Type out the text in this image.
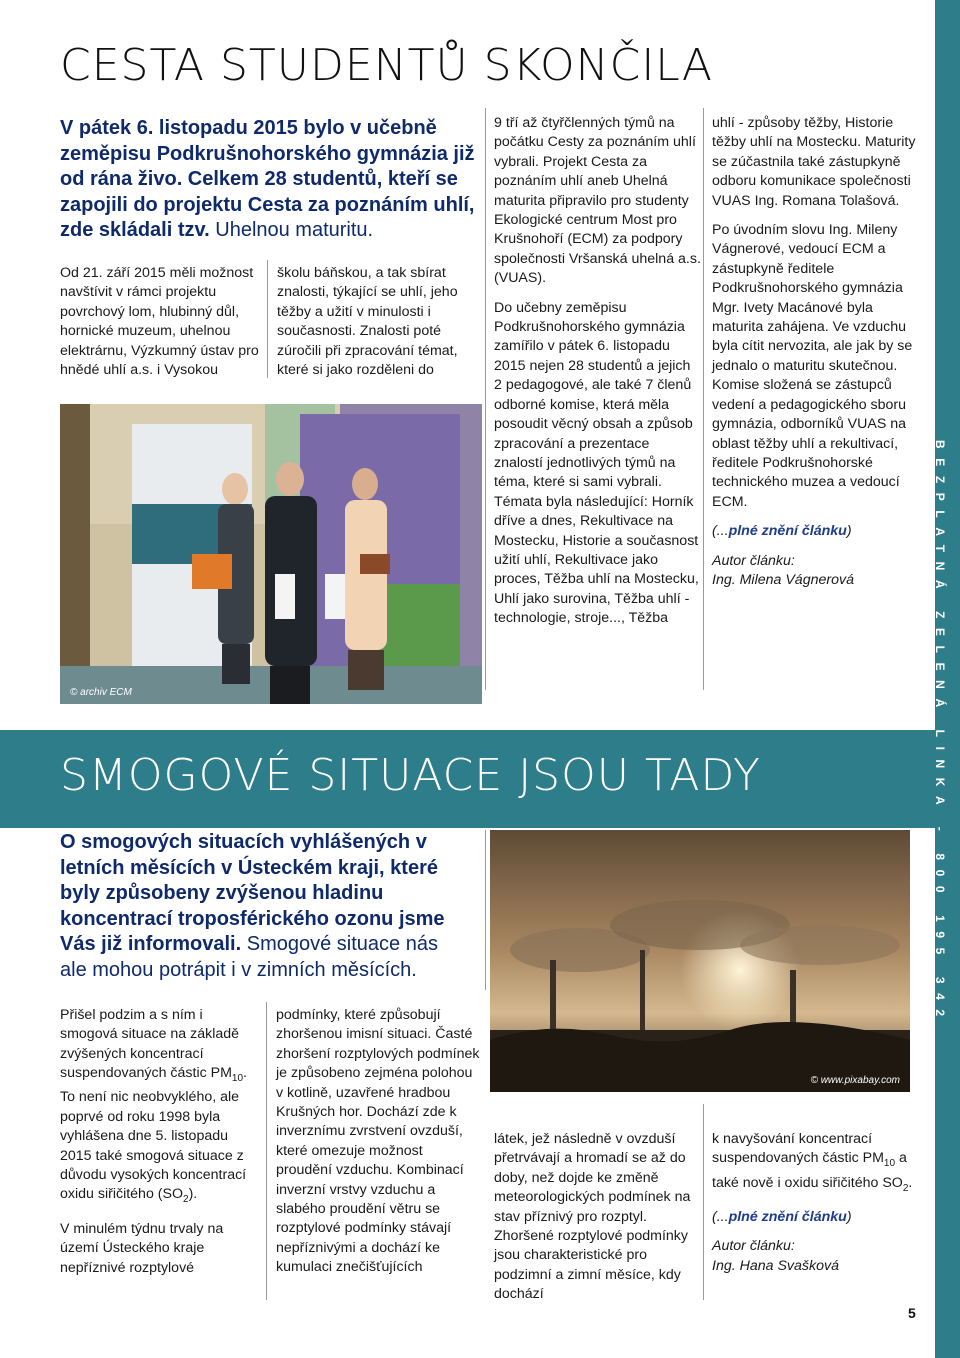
CESTA STUDENTŮ SKONČILA
V pátek 6. listopadu 2015 bylo v učebně zeměpisu Podkrušnohorského gymnázia již od rána živo. Celkem 28 studentů, kteří se zapojili do projektu Cesta za poznáním uhlí, zde skládali tzv. Uhelnou maturitu.

Od 21. září 2015 měli možnost navštívit v rámci projektu povrchový lom, hlubinný důl, hornické muzeum, uhelnou elektrárnu, Výzkumný ústav pro hnědé uhlí a.s. i Vysokou

školu báňskou, a tak sbírat znalosti, týkající se uhlí, jeho těžby a užití v minulosti i současnosti. Znalosti poté zúročili při zpracování témat, které si jako rozděleni do

© archiv ECM

9 tří až čtyřčlenných týmů na počátku Cesty za poznáním uhlí vybrali. Projekt Cesta za poznáním uhlí aneb Uhelná maturita připravilo pro studenty Ekologické centrum Most pro Krušnohoří (ECM) za podpory společnosti Vršanská uhelná a.s. (VUAS).

Do učebny zeměpisu Podkrušnohorského gymnázia zamířilo v pátek 6. listopadu 2015 nejen 28 studentů a jejich 2 pedagogové, ale také 7 členů odborné komise, která měla posoudit věcný obsah a způsob zpracování a prezentace znalostí jednotlivých týmů na téma, které si sami vybrali. Témata byla následující: Horník dříve a dnes, Rekultivace na Mostecku, Historie a současnost užití uhlí, Rekultivace jako proces, Těžba uhlí na Mostecku, Uhlí jako surovina, Těžba uhlí - technologie, stroje..., Těžba

uhlí - způsoby těžby, Historie těžby uhlí na Mostecku. Maturity se zúčastnila také zástupkyně odboru komunikace společnosti VUAS Ing. Romana Tolašová.

Po úvodním slovu Ing. Mileny Vágnerové, vedoucí ECM a zástupkyně ředitele Podkrušnohorského gymnázia Mgr. Ivety Macánové byla maturita zahájena. Ve vzduchu byla cítit nervozita, ale jak by se jednalo o maturitu skutečnou. Komise složená se zástupců vedení a pedagogického sboru gymnázia, odborníků VUAS na oblast těžby uhlí a rekultivací, ředitele Podkrušnohorské technického muzea a vedoucí ECM.

(...plné znění článku)

Autor článku:

Ing. Milena Vágnerová

SMOGOVÉ SITUACE JSOU TADY
O smogových situacích vyhlášených v letních měsících v Ústeckém kraji, které byly způsobeny zvýšenou hladinu koncentrací troposférického ozonu jsme Vás již informovali. Smogové situace nás ale mohou potrápit i v zimních měsících.
© www.pixabay.com

Přišel podzim a s ním i smogová situace na základě zvýšených koncentrací suspendovaných částic $PM_{10}$. To není nic neobvyklého, ale poprvé od roku 1998 byla vyhlášena dne 5. listopadu 2015 také smogová situace z důvodu vysokých koncentrací oxidu siřičitého $(SO_2)$.

V minulém týdnu trvaly na území Ústeckého kraje nepříznivé rozptylové

podmínky, které způsobují zhoršenou imisní situaci. Časté zhoršení rozptylových podmínek je způsobeno zejména polohou v kotlině, uzavřené hradbou Krušných hor. Dochází zde k inverznímu zvrstvení ovzduší, které omezuje možnost proudění vzduchu. Kombinací inverzní vrstvy vzduchu a slabého proudění větru se rozptylové podmínky stávají nepříznivými a dochází ke kumulaci znečišťujících

látek, jež následně v ovzduší přetrvávají a hromadí se až do doby, než dojde ke změně meteorologických podmínek na stav příznivý pro rozptyl. Zhoršené rozptylové podmínky jsou charakteristické pro podzimní a zimní měsíce, kdy dochází

k navyšování koncentrací suspendovaných částic $PM_{10}$ a také nově i oxidu siřičitého $SO_2$.

(...plné znění článku)

Autor článku:

Ing. Hana Svašková

BEZPLATNÁ ZELENÁ LINKA - 800 195 342
5
